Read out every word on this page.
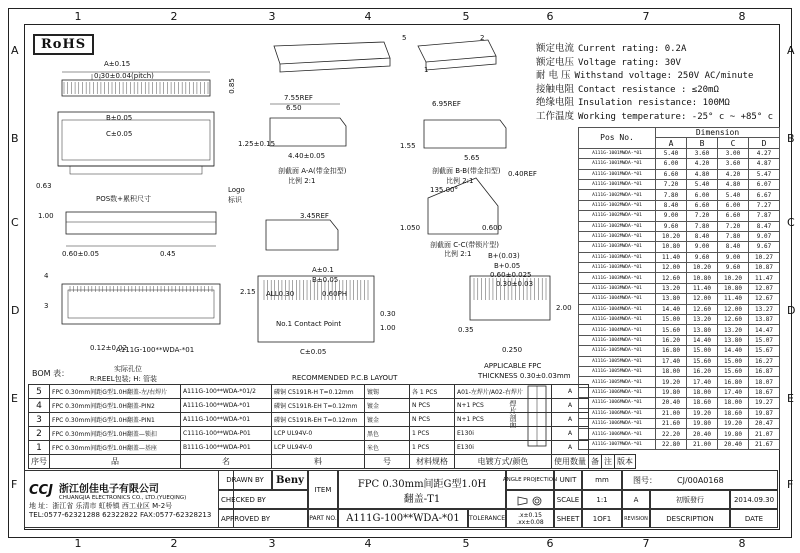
1
1
2
2
3
3
4
4
5
5
6
6
7
7
8
8
A	A
B	B
C	C
D	D
E	E
F	F
RoHS	额定电流 Current rating: 0.2A
额定电压 Voltage rating: 30V
耐 电 压 Withstand voltage: 250V AC/minute
接触电阻 Contact resistance : ≤20mΩ
绝缘电阻 Insulation resistance: 100MΩ
工作温度 Working temperature: -25° c ~ +85° c
A±0.15
0.30±0.04(pitch)
0.85
B±0.05
C±0.05
0.63
POS数+累积尺寸
Logo
标识
1.00
0.60±0.05	0.45
4
3
0.12±0.02
5	2
1
7.55REF
6.50
1.25±0.15
4.40±0.05
剖截面 A-A(带金扣型)
比例 2:1
6.95REF
1.55
5.65
剖截面 B-B(带金扣型)
比例 2:1
3.45REF
135.00°
0.40REF
1.050	0.600
剖截面 C-C(带锁片型)
比例 2:1
A±0.1
B±0.05
ALL0.30	0.60PH
No.1 Contact Point
2.15
0.30
1.00
C±0.05
RECOMMENDED P.C.B LAYOUT
B+(0.03)
B+0.05
0.60±0.025
0.30±0.03
0.35
2.00
0.250
APPLICABLE FPC
THICKNESS 0.30±0.03mm
A111G-100**WDA-*01
实际孔位
R:REEL包装; H: 管装
焊片剖面
Pos No.	Dimension			
	A	B	C	D
A111G-1001MWDA-*01	5.40	3.60	3.00	4.27
A111G-1001MWDA-*01	6.00	4.20	3.60	4.87
A111G-1001MWDA-*01	6.60	4.80	4.20	5.47
A111G-1001MWDA-*01	7.20	5.40	4.80	6.07
A111G-1002MWDA-*01	7.80	6.00	5.40	6.67
A111G-1002MWDA-*01	8.40	6.60	6.00	7.27
A111G-1002MWDA-*01	9.00	7.20	6.60	7.87
A111G-1002MWDA-*01	9.60	7.80	7.20	8.47
A111G-1002MWDA-*01	10.20	8.40	7.80	9.07
A111G-1003MWDA-*01	10.80	9.00	8.40	9.67
A111G-1003MWDA-*01	11.40	9.60	9.00	10.27
A111G-1003MWDA-*01	12.00	10.20	9.60	10.87
A111G-1003MWDA-*01	12.60	10.80	10.20	11.47
A111G-1003MWDA-*01	13.20	11.40	10.80	12.07
A111G-1004MWDA-*01	13.80	12.00	11.40	12.67
A111G-1004MWDA-*01	14.40	12.60	12.00	13.27
A111G-1004MWDA-*01	15.00	13.20	12.60	13.87
A111G-1004MWDA-*01	15.60	13.80	13.20	14.47
A111G-1004MWDA-*01	16.20	14.40	13.80	15.07
A111G-1005MWDA-*01	16.80	15.00	14.40	15.67
A111G-1005MWDA-*01	17.40	15.60	15.00	16.27
A111G-1005MWDA-*01	18.00	16.20	15.60	16.87
A111G-1005MWDA-*01	19.20	17.40	16.80	18.07
A111G-1006MWDA-*01	19.80	18.00	17.40	18.67
A111G-1006MWDA-*01	20.40	18.60	18.00	19.27
A111G-1006MWDA-*01	21.00	19.20	18.60	19.87
A111G-1006MWDA-*01	21.60	19.80	19.20	20.47
A111G-1006MWDA-*01	22.20	20.40	19.80	21.07
A111G-1007MWDA-*01	22.80	21.00	20.40	21.67
BOM 表：
5	FPC 0.30mm间距G型1.0H翻盖-左/右焊片	A111G-100**WDA-*01/2	磷铜 C5191R-H T=0.12mm	镀锡	各 1 PCS	A01-左焊片/A02-右焊片	A			
4	FPC 0.30mm间距G型1.0H翻盖-PIN2	A111G-100**WDA-*01	磷铜 C5191R-EH T=0.12mm	镀金	N PCS	N+1 PCS	A			
3	FPC 0.30mm间距G型1.0H翻盖-PIN1	A111G-100**WDA-*01	磷铜 C5191R-EH T=0.12mm	镀金	N PCS	N+1 PCS	A			
2	FPC 0.30mm间距G型1.0H翻盖—锁扣	C111G-100**WDA-P01	LCP UL94V-0	黑色	1 PCS	E130i	A			
1	FPC 0.30mm间距G型1.0H翻盖—基座	B111G-100**WDA-P01	LCP UL94V-0	米色	1 PCS	E130i	A			
序号	品	名	料	号	材料规格	电镀方式/颜色	使用数量	备	注	版本
CCJ 浙江创佳电子有限公司
CHUANGJIA ELECTRONICS CO., LTD.(YUEQING)
地 址：浙江省 乐清市 虹桥镇 西工业区 M-2号
TEL:0577-62321288 62322822 FAX:0577-62328213
DRAWN BY	Beny
CHECKED BY
APPROVED BY
ITEM	FPC 0.30mm间距G型1.0H
翻盖-T1
PART NO. A111G-100**WDA-*01	TOLERANCE
ANGLE PROJECTION
.x±0.15
.xx±0.08
UNIT	mm
SCALE	1:1
SHEET	1OF1
图号：	CJ/00A0168
A	初版發行	2014.09.30
REVISION	DESCRIPTION	DATE
